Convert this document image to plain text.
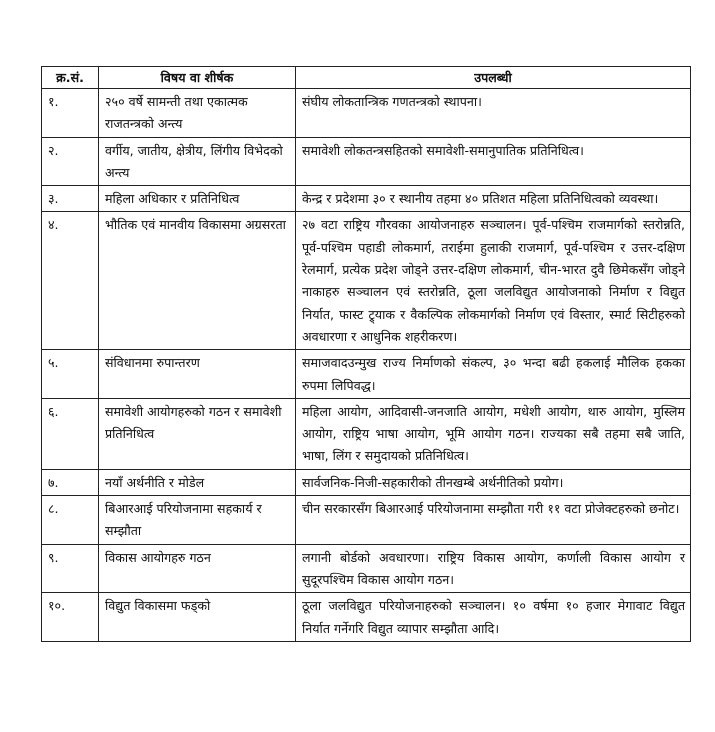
क्र.सं.	विषय वा शीर्षक	उपलब्धी
१.	२५० वर्षे सामन्ती तथा एकात्मक राजतन्त्रको अन्त्य	संघीय लोकतान्त्रिक गणतन्त्रको स्थापना।
२.	वर्गीय, जातीय, क्षेत्रीय, लिंगीय विभेदको अन्त्य	समावेशी लोकतन्त्रसहितको समावेशी-समानुपातिक प्रतिनिधित्व।
३.	महिला अधिकार र प्रतिनिधित्व	केन्द्र र प्रदेशमा ३० र स्थानीय तहमा ४० प्रतिशत महिला प्रतिनिधित्वको व्यवस्था।
४.	भौतिक एवं मानवीय विकासमा अग्रसरता	२७ वटा राष्ट्रिय गौरवका आयोजनाहरु सञ्चालन। पूर्व-पश्चिम राजमार्गको स्तरोन्नति, पूर्व-पश्चिम पहाडी लोकमार्ग, तराईमा हुलाकी राजमार्ग, पूर्व-पश्चिम र उत्तर-दक्षिण रेलमार्ग, प्रत्येक प्रदेश जोड्ने उत्तर-दक्षिण लोकमार्ग, चीन-भारत दुवै छिमेकसँग जोड्ने नाकाहरु सञ्चालन एवं स्तरोन्नति, ठूला जलविद्युत आयोजनाको निर्माण र विद्युत निर्यात, फास्ट ट्र्याक र वैकल्पिक लोकमार्गको निर्माण एवं विस्तार, स्मार्ट सिटीहरुको अवधारणा र आधुनिक शहरीकरण।
५.	संविधानमा रुपान्तरण	समाजवादउन्मुख राज्य निर्माणको संकल्प, ३० भन्दा बढी हकलाई मौलिक हकका रुपमा लिपिवद्ध।
६.	समावेशी आयोगहरुको गठन र समावेशी प्रतिनिधित्व	महिला आयोग, आदिवासी-जनजाति आयोग, मधेशी आयोग, थारु आयोग, मुस्लिम आयोग, राष्ट्रिय भाषा आयोग, भूमि आयोग गठन। राज्यका सबै तहमा सबै जाति, भाषा, लिंग र समुदायको प्रतिनिधित्व।
७.	नयाँ अर्थनीति र मोडेल	सार्वजनिक-निजी-सहकारीको तीनखम्बे अर्थनीतिको प्रयोग।
८.	बिआरआई परियोजनामा सहकार्य र सम्झौता	चीन सरकारसँग बिआरआई परियोजनामा सम्झौता गरी ११ वटा प्रोजेक्टहरुको छनोट।
९.	विकास आयोगहरु गठन	लगानी बोर्डको अवधारणा। राष्ट्रिय विकास आयोग, कर्णाली विकास आयोग र सुदूरपश्चिम विकास आयोग गठन।
१०.	विद्युत विकासमा फड्को	ठूला जलविद्युत परियोजनाहरुको सञ्चालन। १० वर्षमा १० हजार मेगावाट विद्युत निर्यात गर्नेगरि विद्युत व्यापार सम्झौता आदि।
